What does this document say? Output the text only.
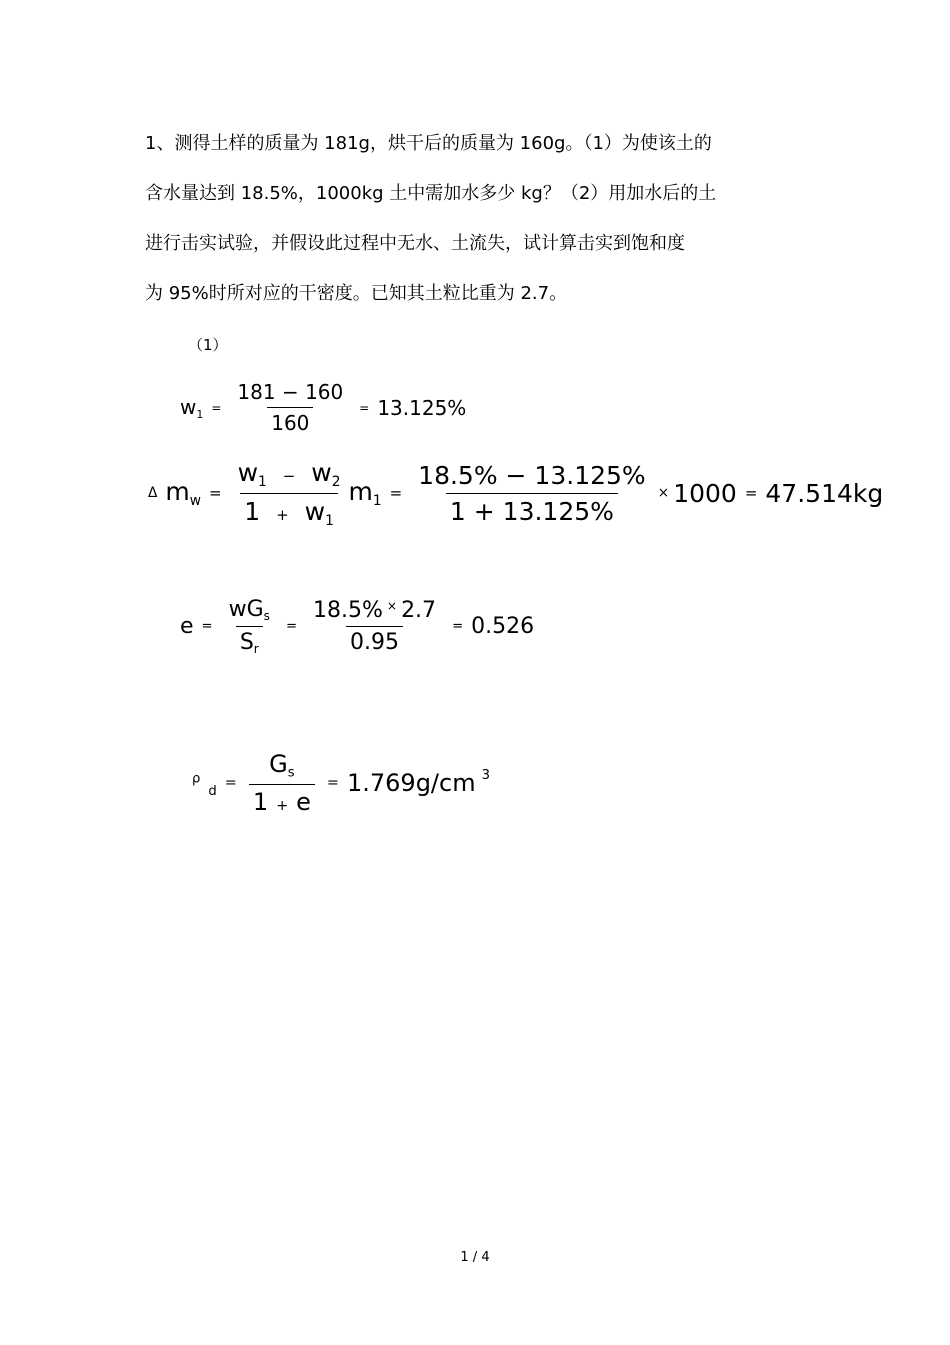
1、测得土样的质量为 181g，烘干后的质量为 160g。（1）为使该土的
含水量达到 18.5%，1000kg 土中需加水多少 kg？（2）用加水后的土
进行击实试验，并假设此过程中无水、土流失，试计算击实到饱和度
为 95%时所对应的干密度。已知其土粒比重为 2.7。
（1）
$w_1 = \frac{181 - 160}{160} = 13.125\%$
Δ $m_w = \frac{w_1 - w_2}{1 + w_1} m_1 = \frac{18.5\% - 13.125\%}{1 + 13.125\%} \times 1000 = 47.514kg$
$e = \frac{wG_s}{S_r} = \frac{18.5\% ^\times 2.7}{0.95} = 0.526$
$^\rho_d$
= $\frac{G_s}{1 + e} = 1.769g/cm$ $^3$
1 / 4
